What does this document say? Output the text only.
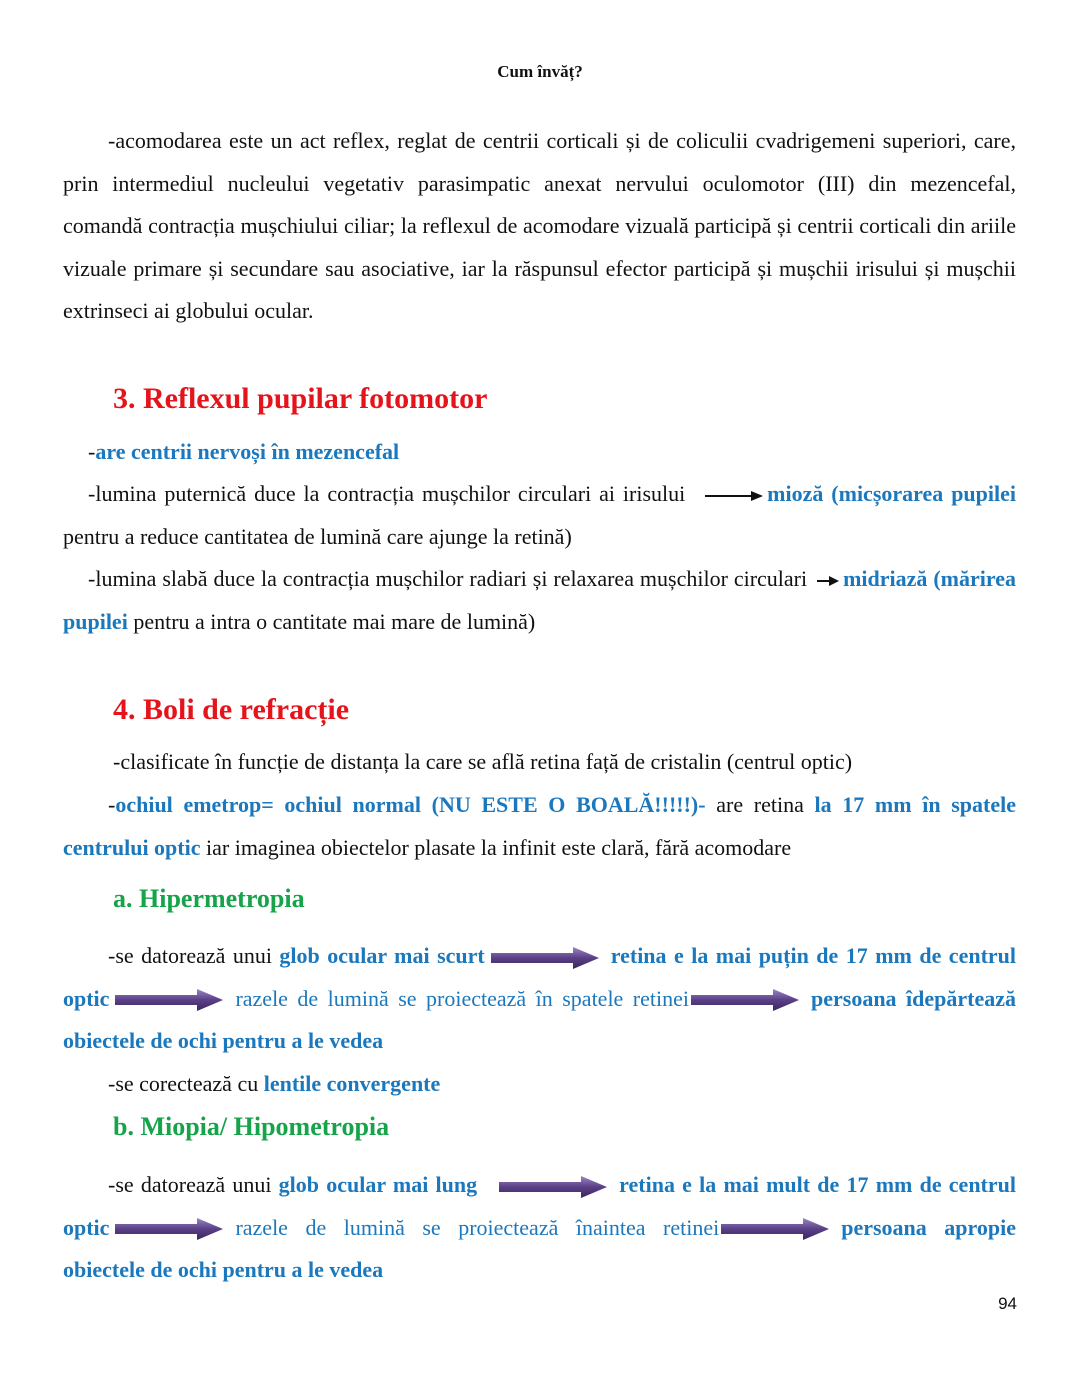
Cum învăț?

-acomodarea este un act reflex, reglat de centrii corticali și de coliculii cvadrigemeni superiori, care, prin intermediul nucleului vegetativ parasimpatic anexat nervului oculomotor (III) din mezencefal, comandă contracția mușchiului ciliar; la reflexul de acomodare vizuală participă și centrii corticali din ariile vizuale primare și secundare sau asociative, iar la răspunsul efector participă și mușchii irisului și mușchii extrinseci ai globului ocular.

3. Reflexul pupilar fotomotor

-are centrii nervoși în mezencefal

-lumina puternică duce la contracția mușchilor circulari ai irisului	mioză (micșorarea pupilei pentru a reduce cantitatea de lumină care ajunge la retină)

-lumina slabă duce la contracția mușchilor radiari și relaxarea mușchilor circulari midriază (mărirea pupilei pentru a intra o cantitate mai mare de lumină)

4. Boli de refracție

-clasificate în funcție de distanța la care se află retina față de cristalin (centrul optic)

-ochiul emetrop= ochiul normal (NU ESTE O BOALĂ!!!!!)- are retina la 17 mm în spatele centrului optic iar imaginea obiectelor plasate la infinit este clară, fără acomodare

a. Hipermetropia

-se datorează unui glob ocular mai scurt	retina e la mai puțin de 17 mm de centrul optic	razele de lumină se proiectează în spatele retinei	persoana îdepărtează obiectele de ochi pentru a le vedea

-se corectează cu lentile convergente

b. Miopia/ Hipometropia

-se datorează unui glob ocular mai lung	retina e la mai mult de 17 mm de centrul optic	razele de lumină se proiectează înaintea retinei	persoana apropie obiectele de ochi pentru a le vedea

94
